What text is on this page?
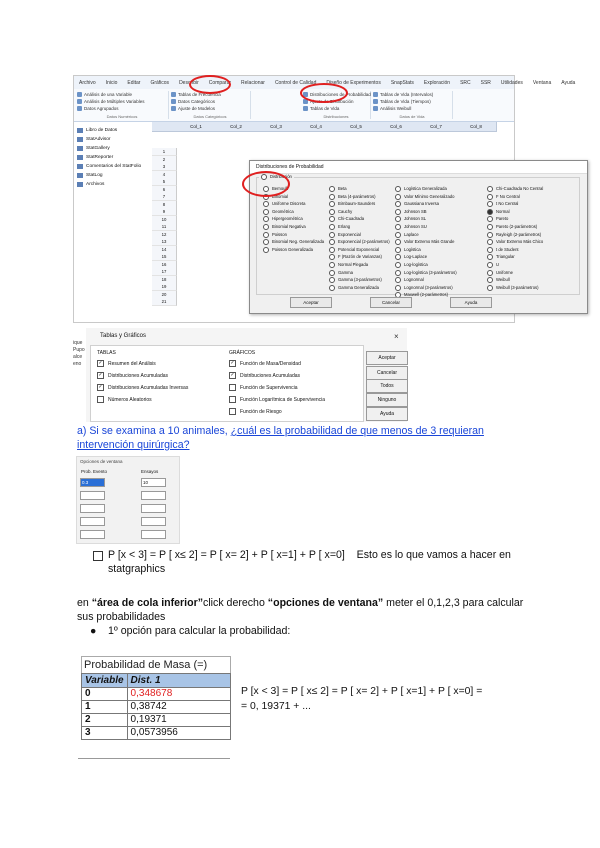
Archivo	Inicio	Editar	Gráficos	Describir	Comparar	Relacionar	Control de Calidad	Diseño de Experimentos	SnapStats	Exploración	SRC	SSR	Utilidades	Ventana	Ayuda
Análisis de una Variable
Análisis de Múltiples Variables
Datos Agrupados
Datos Numéricos
Tablas de Frecuencia
Datos Categóricos
Ajuste de Modelos
Datos Categóricos
Distribuciones de Probabilidad
Ajuste de Distribución
Tablas de Vida
Distribuciones
Tablas de Vida (Intervalos)
Tablas de Vida (Tiempos)
Análisis Weibull
Datos de Vida
Libro de Datos
StatAdvisor
StatGallery
StatReporter
Comentarios del StatFolio
StatLog
Archivos
Col_1	Col_2	Col_3	Col_4	Col_5	Col_6	Col_7	Col_8
1
2
3
4
5
6
7
8
9
10
11
12
13
14
15
16
17
18
19
20
21
Distribuciones de Probabilidad
Distribución
Bernoulli
Binomial
Uniforme Discreta
Geométrica
Hipergeométrica
Binomial Negativa
Poisson
Binomial Neg. Generalizada
Poisson Generalizada
Beta
Beta (4-parámetros)
Birnbaum-Saunders
Cauchy
Chi-Cuadrada
Erlang
Exponencial
Exponencial (2-parámetros)
Potencial Exponencial
F (Razón de Varianzas)
Normal Plegada
Gamma
Gamma (3-parámetros)
Gamma Generalizada
Logística Generalizada
Valor Mínimo Generalizado
Gaussiana Inversa
Johnson SB
Johnson SL
Johnson SU
Laplace
Valor Extremo Más Grande
Logística
Log-Laplace
Log-logística
Log-logística (3-parámetros)
Lognormal
Lognormal (3-parámetros)
Maxwell (2-parámetros)
Chi-Cuadrada No Central
F No Central
t No Central
Normal
Pareto
Pareto (2-parámetros)
Rayleigh (2-parámetros)
Valor Extremo Más Chico
t de Student
Triangular
U
Uniforme
Weibull
Weibull (3-parámetros)
Aceptar	Cancelar	Ayuda
ique
Pupo
alce
eno
Tablas y Gráficos	×
TABLAS	GRÁFICOS
✓ Resumen del Análisis
✓ Distribuciones Acumuladas
✓ Distribuciones Acumuladas Inversas
Números Aleatorios
✓ Función de Masa/Densidad
✓ Distribuciones Acumuladas
Función de Supervivencia
Función Logarítmica de Supervivencia
Función de Riesgo
Aceptar
Cancelar
Todos
Ninguno
Ayuda
a) Si se examina a 10 animales, ¿cuál es la probabilidad de que menos de 3 requieran intervención quirúrgica?
Opciones de ventana
Prob. Evento	Ensayos
0.3	10
P [x < 3] = P [ x≤ 2] = P [ x= 2] + P [ x=1] + P [ x=0] Esto es lo que vamos a hacer en statgraphics
en “área de cola inferior”click derecho “opciones de ventana” meter el 0,1,2,3 para calcular sus probabilidades
● 1º opción para calcular la probabilidad:
Probabilidad de Masa (=)
Variable	Dist. 1
0	0,348678
1	0,38742
2	0,19371
3	0,0573956
P [x < 3] = P [ x≤ 2] = P [ x= 2] + P [ x=1] + P [ x=0] =
= 0, 19371 + ...
